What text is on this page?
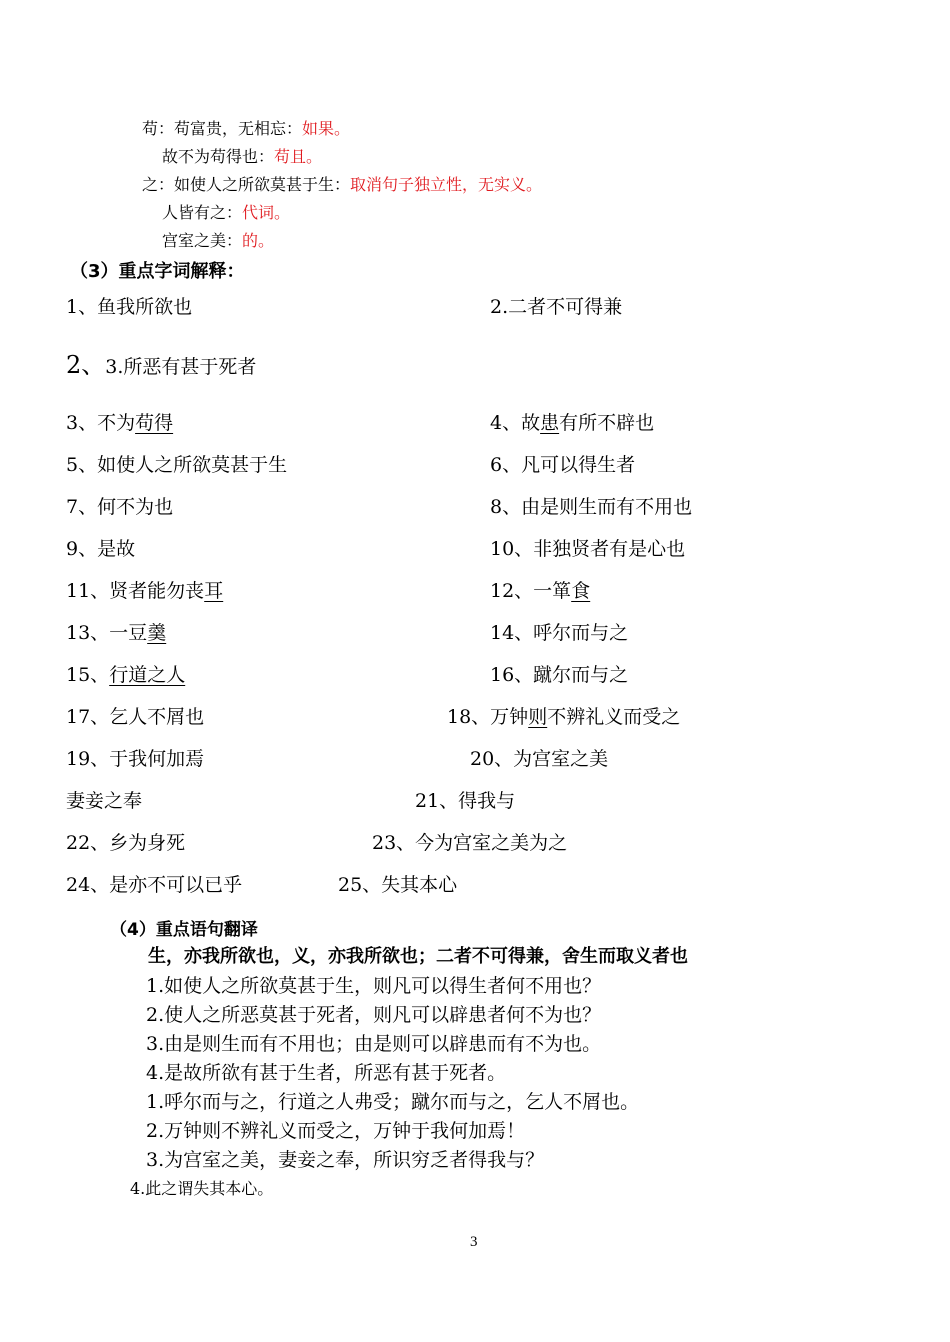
苟：苟富贵，无相忘：如果。
故不为苟得也：苟且。
之：如使人之所欲莫甚于生：取消句子独立性，无实义。
人皆有之：代词。
宫室之美：的。
（3）重点字词解释：
1、鱼我所欲也	2.二者不可得兼
2、3.所恶有甚于死者
3、不为苟得	4、故患有所不辟也
5、如使人之所欲莫甚于生	6、凡可以得生者
7、何不为也	8、由是则生而有不用也
9、是故	10、非独贤者有是心也
11、贤者能勿丧耳	12、一箪食
13、一豆羹	14、呼尔而与之
15、行道之人	16、蹴尔而与之
17、乞人不屑也	18、万钟则不辨礼义而受之
19、于我何加焉	20、为宫室之美
妻妾之奉	21、得我与
22、乡为身死	23、今为宫室之美为之
24、是亦不可以已乎	25、失其本心
（4）重点语句翻译
生，亦我所欲也，义，亦我所欲也；二者不可得兼，舍生而取义者也
1.如使人之所欲莫甚于生，则凡可以得生者何不用也？
2.使人之所恶莫甚于死者，则凡可以辟患者何不为也？
3.由是则生而有不用也；由是则可以辟患而有不为也。
4.是故所欲有甚于生者，所恶有甚于死者。
1.呼尔而与之，行道之人弗受；蹴尔而与之，乞人不屑也。
2.万钟则不辨礼义而受之，万钟于我何加焉！
3.为宫室之美，妻妾之奉，所识穷乏者得我与？
4.此之谓失其本心。
3
